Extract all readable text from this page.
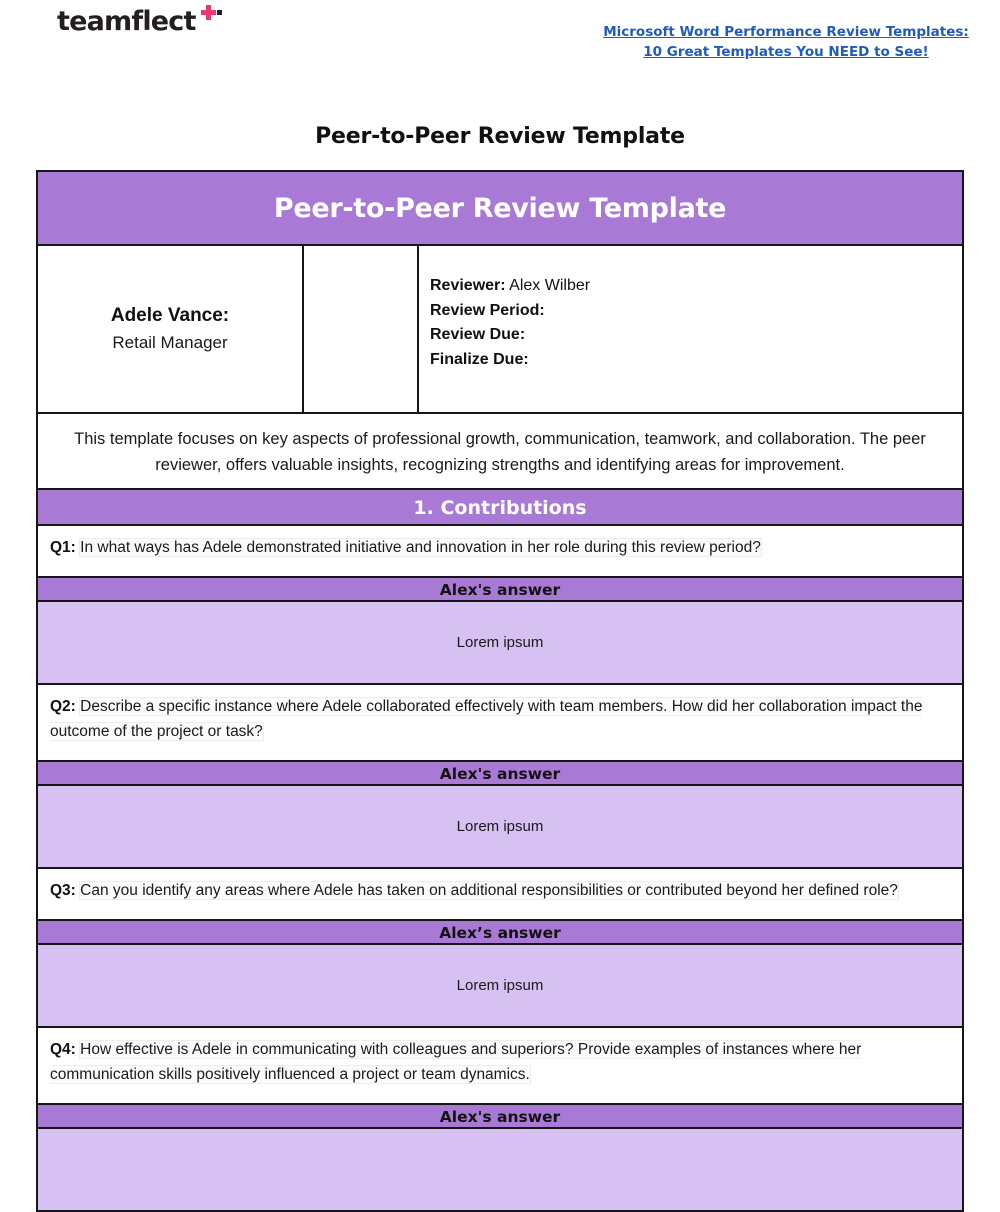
teamflect	Microsoft Word Performance Review Templates: 10 Great Templates You NEED to See!
Peer-to-Peer Review Template
Peer-to-Peer Review Template
Adele Vance:
Retail Manager
Reviewer: Alex Wilber
Review Period:
Review Due:
Finalize Due:
This template focuses on key aspects of professional growth, communication, teamwork, and collaboration. The peer reviewer, offers valuable insights, recognizing strengths and identifying areas for improvement.
1. Contributions
Q1: In what ways has Adele demonstrated initiative and innovation in her role during this review period?
Alex's answer
Lorem ipsum
Q2: Describe a specific instance where Adele collaborated effectively with team members. How did her collaboration impact the outcome of the project or task?
Alex's answer
Lorem ipsum
Q3: Can you identify any areas where Adele has taken on additional responsibilities or contributed beyond her defined role?
Alex’s answer
Lorem ipsum
Q4: How effective is Adele in communicating with colleagues and superiors? Provide examples of instances where her communication skills positively influenced a project or team dynamics.
Alex's answer
